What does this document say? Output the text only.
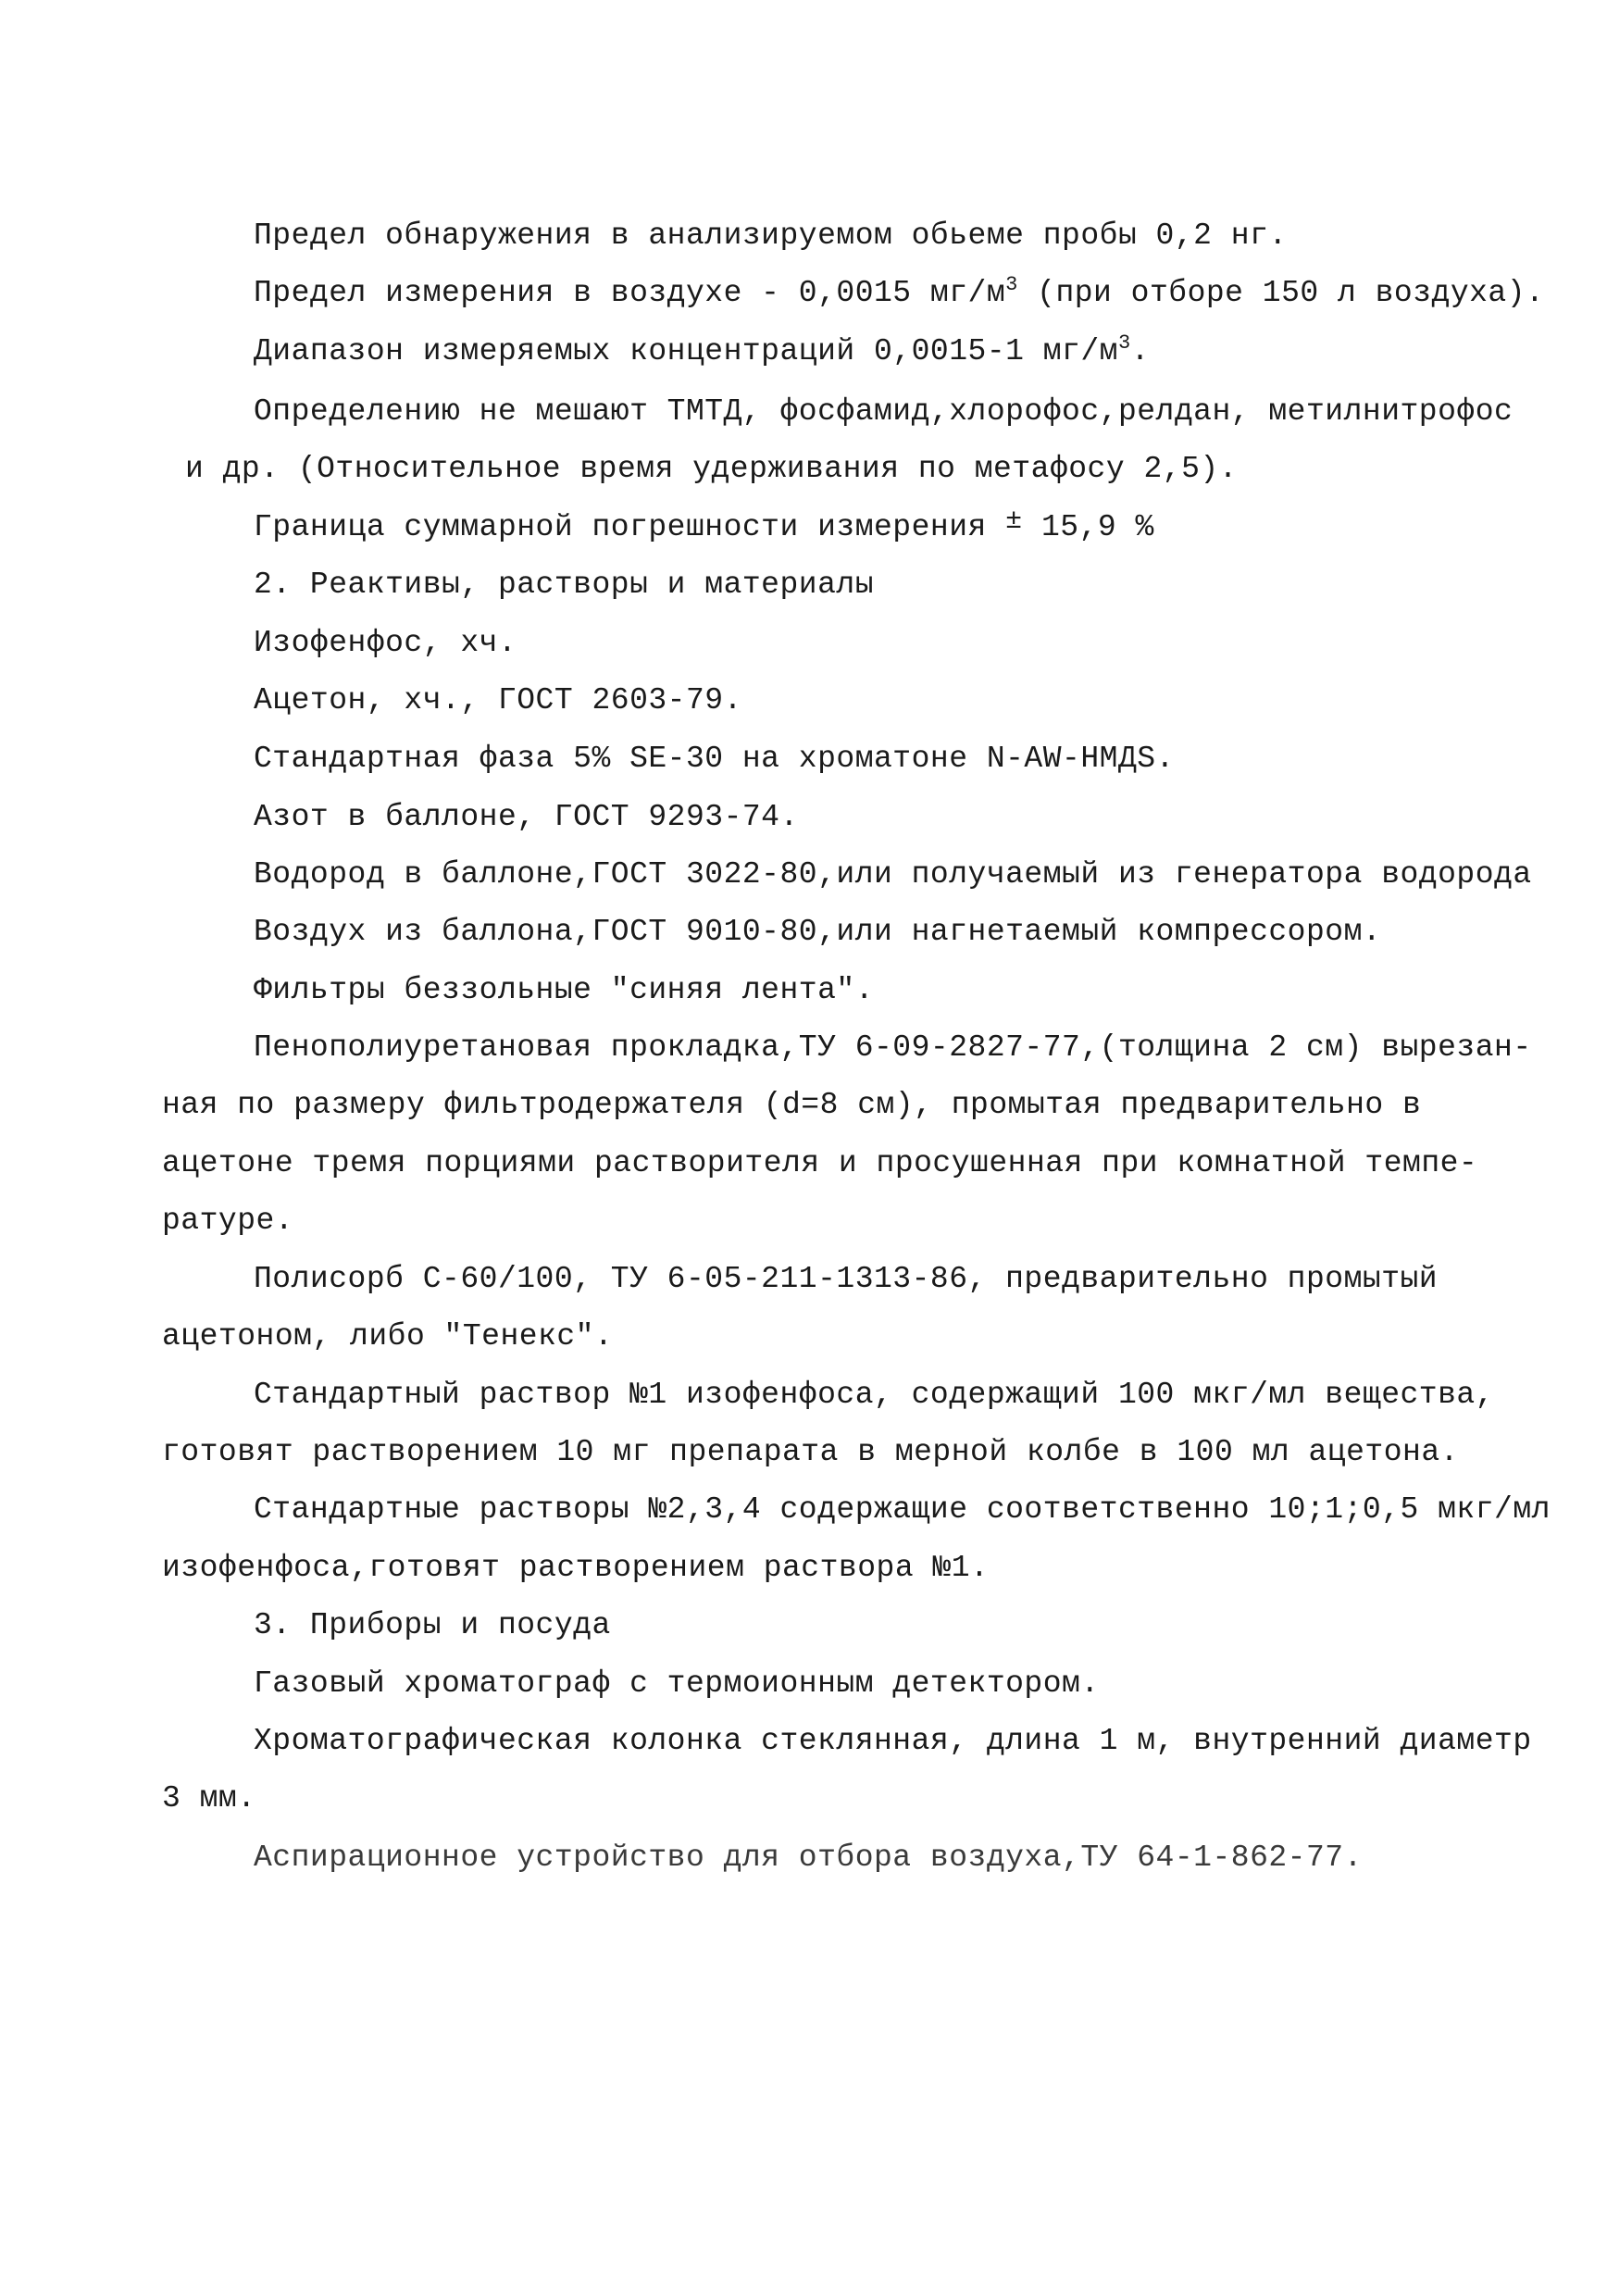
Предел обнаружения в анализируемом обьеме пробы 0,2 нг.
Предел измерения в воздухе - 0,0015 $мг/м^3$ (при отборе 150 л воздуха).
Диапазон измеряемых концентраций 0,0015-1 $мг/м^3$.
Определению не мешают ТМТД, фосфамид,хлорофос,релдан, метилнитрофос
и др. (Относительное время удерживания по метафосу 2,5).
Граница суммарной погрешности измерения ± 15,9 %
2. Реактивы, растворы и материалы
Изофенфос, хч.
Ацетон, хч., ГОСТ 2603-79.
Стандартная фаза 5% SE-30 на хроматоне N-AW-HMДS.
Азот в баллоне, ГОСТ 9293-74.
Водород в баллоне,ГОСТ 3022-80,или получаемый из генератора водорода
Воздух из баллона,ГОСТ 9010-80,или нагнетаемый компрессором.
Фильтры беззольные "синяя лента".
Пенополиуретановая прокладка,ТУ 6-09-2827-77,(толщина 2 см) вырезан-
ная по размеру фильтродержателя (d=8 см), промытая предварительно в
ацетоне тремя порциями растворителя и просушенная при комнатной темпе-
ратуре.
Полисорб С-60/100, ТУ 6-05-211-1313-86, предварительно промытый
ацетоном, либо "Тенекс".
Стандартный раствор №1 изофенфоса, содержащий 100 мкг/мл вещества,
готовят растворением 10 мг препарата в мерной колбе в 100 мл ацетона.
Стандартные растворы №2,3,4 содержащие соответственно 10;1;0,5 мкг/мл
изофенфоса,готовят растворением раствора №1.
3. Приборы и посуда
Газовый хроматограф с термоионным детектором.
Хроматографическая колонка стеклянная, длина 1 м, внутренний диаметр
3 мм.
Аспирационное устройство для отбора воздуха,ТУ 64-1-862-77.
